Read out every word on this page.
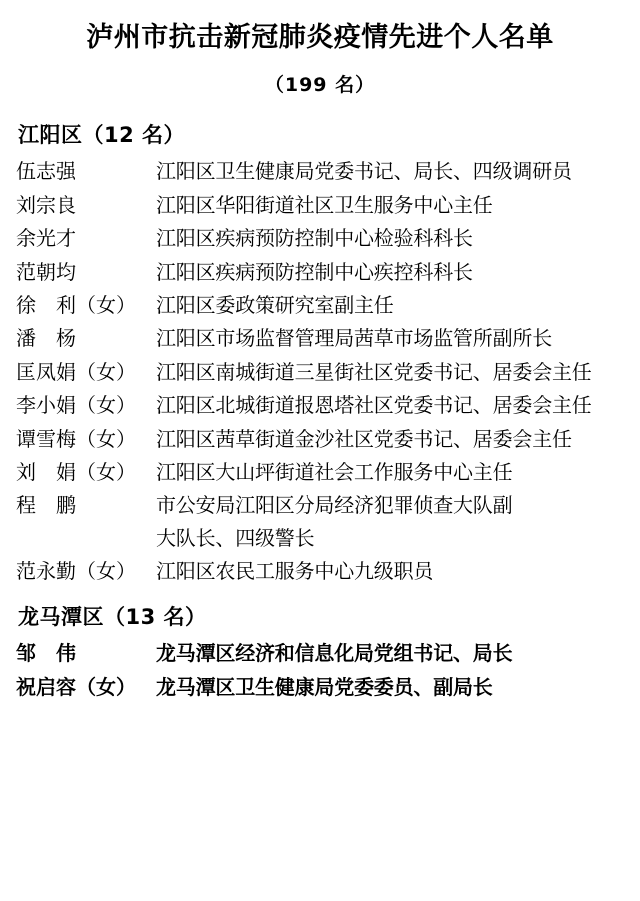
泸州市抗击新冠肺炎疫情先进个人名单
（199 名）
江阳区（12 名）
伍志强	江阳区卫生健康局党委书记、局长、四级调研员
刘宗良	江阳区华阳街道社区卫生服务中心主任
余光才	江阳区疾病预防控制中心检验科科长
范朝均	江阳区疾病预防控制中心疾控科科长
徐　利（女）	江阳区委政策研究室副主任
潘　杨	江阳区市场监督管理局茜草市场监管所副所长
匡凤娟（女）	江阳区南城街道三星街社区党委书记、居委会主任
李小娟（女）	江阳区北城街道报恩塔社区党委书记、居委会主任
谭雪梅（女）	江阳区茜草街道金沙社区党委书记、居委会主任
刘　娟（女）	江阳区大山坪街道社会工作服务中心主任
程　鹏	市公安局江阳区分局经济犯罪侦查大队副
大队长、四级警长
范永勤（女）	江阳区农民工服务中心九级职员
龙马潭区（13 名）
邹　伟	龙马潭区经济和信息化局党组书记、局长
祝启容（女）	龙马潭区卫生健康局党委委员、副局长
